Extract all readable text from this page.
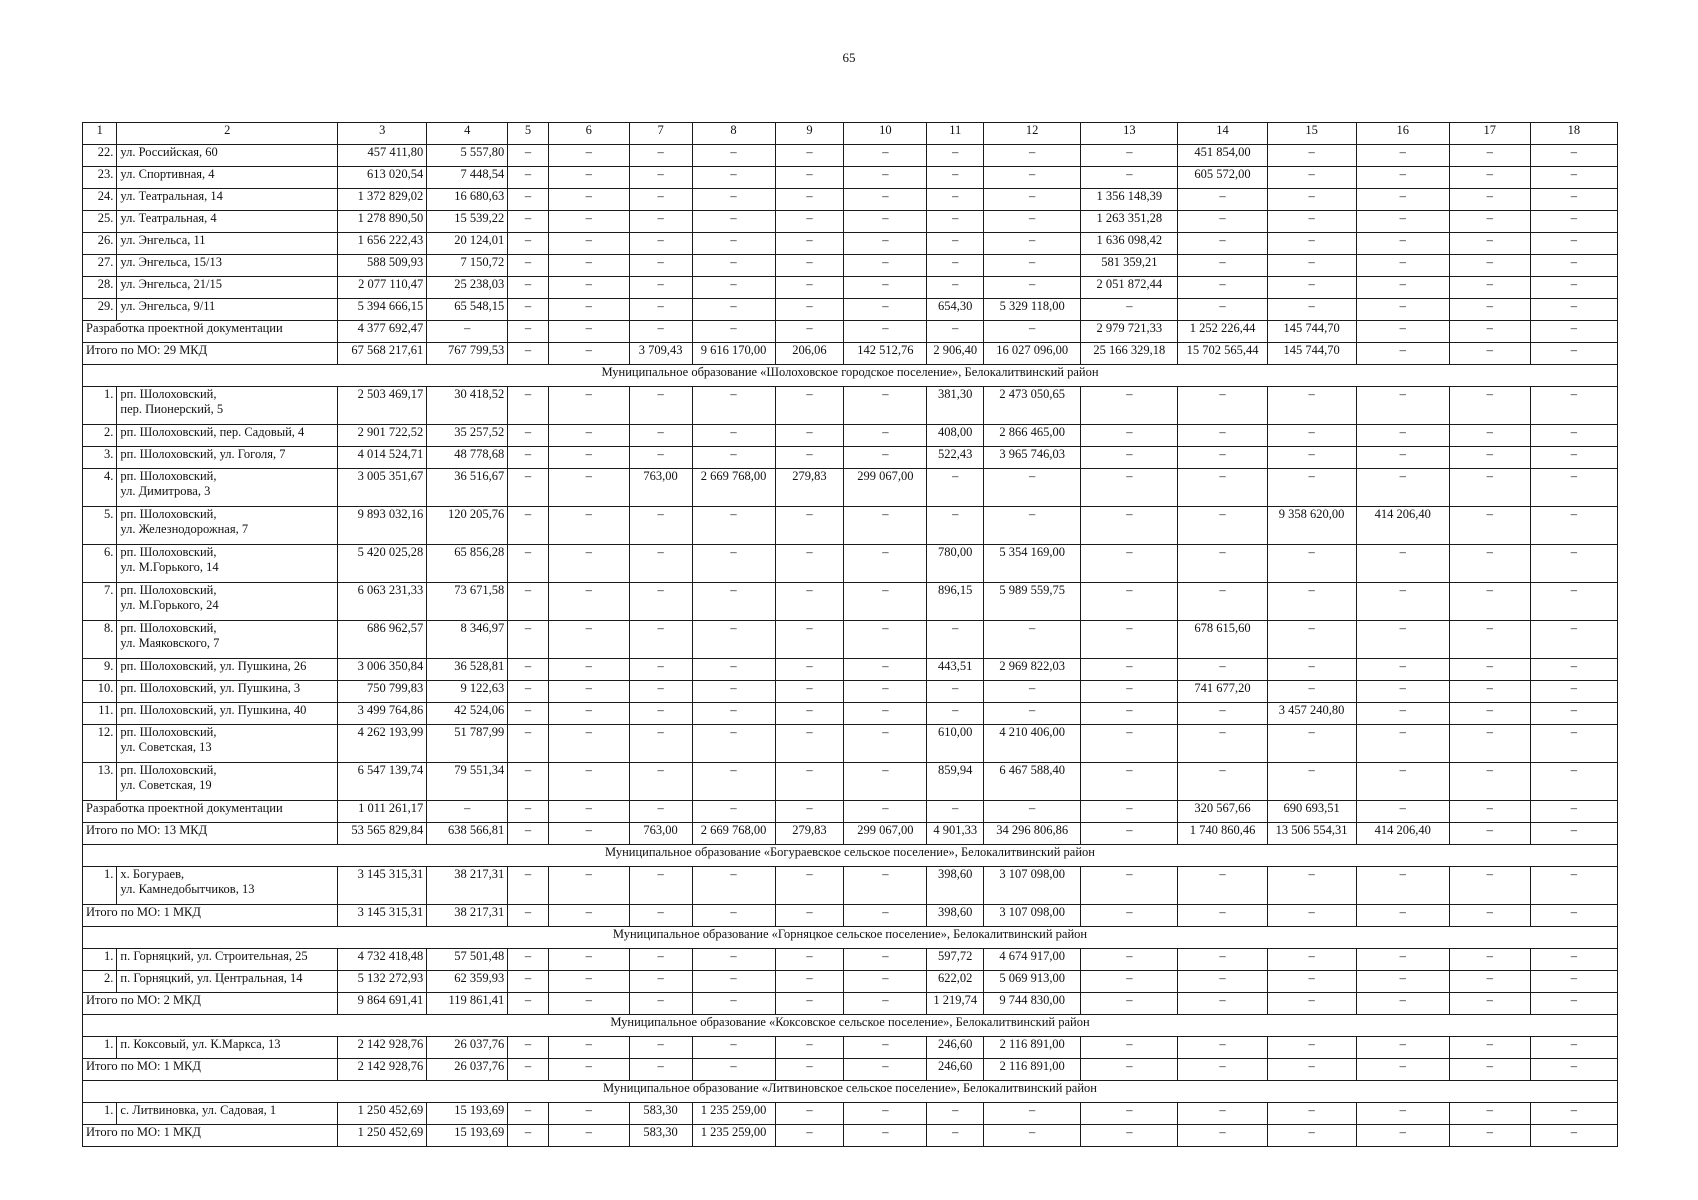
65
1	2	3	4	5	6	7	8	9	10	11	12	13	14	15	16	17	18
22.	ул. Российская, 60	457 411,80	5 557,80	–	–	–	–	–	–	–	–	–	451 854,00	–	–	–	–
23.	ул. Спортивная, 4	613 020,54	7 448,54	–	–	–	–	–	–	–	–	–	605 572,00	–	–	–	–
24.	ул. Театральная, 14	1 372 829,02	16 680,63	–	–	–	–	–	–	–	–	1 356 148,39	–	–	–	–	–
25.	ул. Театральная, 4	1 278 890,50	15 539,22	–	–	–	–	–	–	–	–	1 263 351,28	–	–	–	–	–
26.	ул. Энгельса, 11	1 656 222,43	20 124,01	–	–	–	–	–	–	–	–	1 636 098,42	–	–	–	–	–
27.	ул. Энгельса, 15/13	588 509,93	7 150,72	–	–	–	–	–	–	–	–	581 359,21	–	–	–	–	–
28.	ул. Энгельса, 21/15	2 077 110,47	25 238,03	–	–	–	–	–	–	–	–	2 051 872,44	–	–	–	–	–
29.	ул. Энгельса, 9/11	5 394 666,15	65 548,15	–	–	–	–	–	–	654,30	5 329 118,00	–	–	–	–	–	–
Разработка проектной документации		4 377 692,47	–	–	–	–	–	–	–	–	–	2 979 721,33	1 252 226,44	145 744,70	–	–	–
Итого по МО: 29 МКД		67 568 217,61	767 799,53	–	–	3 709,43	9 616 170,00	206,06	142 512,76	2 906,40	16 027 096,00	25 166 329,18	15 702 565,44	145 744,70	–	–	–
Муниципальное образование «Шолоховское городское поселение», Белокалитвинский район																	
1.	рп. Шолоховский,
пер. Пионерский, 5	2 503 469,17	30 418,52	–	–	–	–	–	–	381,30	2 473 050,65	–	–	–	–	–	–
2.	рп. Шолоховский, пер. Садовый, 4	2 901 722,52	35 257,52	–	–	–	–	–	–	408,00	2 866 465,00	–	–	–	–	–	–
3.	рп. Шолоховский, ул. Гоголя, 7	4 014 524,71	48 778,68	–	–	–	–	–	–	522,43	3 965 746,03	–	–	–	–	–	–
4.	рп. Шолоховский,
ул. Димитрова, 3	3 005 351,67	36 516,67	–	–	763,00	2 669 768,00	279,83	299 067,00	–	–	–	–	–	–	–	–
5.	рп. Шолоховский,
ул. Железнодорожная, 7	9 893 032,16	120 205,76	–	–	–	–	–	–	–	–	–	–	9 358 620,00	414 206,40	–	–
6.	рп. Шолоховский,
ул. М.Горького, 14	5 420 025,28	65 856,28	–	–	–	–	–	–	780,00	5 354 169,00	–	–	–	–	–	–
7.	рп. Шолоховский,
ул. М.Горького, 24	6 063 231,33	73 671,58	–	–	–	–	–	–	896,15	5 989 559,75	–	–	–	–	–	–
8.	рп. Шолоховский,
ул. Маяковского, 7	686 962,57	8 346,97	–	–	–	–	–	–	–	–	–	678 615,60	–	–	–	–
9.	рп. Шолоховский, ул. Пушкина, 26	3 006 350,84	36 528,81	–	–	–	–	–	–	443,51	2 969 822,03	–	–	–	–	–	–
10.	рп. Шолоховский, ул. Пушкина, 3	750 799,83	9 122,63	–	–	–	–	–	–	–	–	–	741 677,20	–	–	–	–
11.	рп. Шолоховский, ул. Пушкина, 40	3 499 764,86	42 524,06	–	–	–	–	–	–	–	–	–	–	3 457 240,80	–	–	–
12.	рп. Шолоховский,
ул. Советская, 13	4 262 193,99	51 787,99	–	–	–	–	–	–	610,00	4 210 406,00	–	–	–	–	–	–
13.	рп. Шолоховский,
ул. Советская, 19	6 547 139,74	79 551,34	–	–	–	–	–	–	859,94	6 467 588,40	–	–	–	–	–	–
Разработка проектной документации		1 011 261,17	–	–	–	–	–	–	–	–	–	–	320 567,66	690 693,51	–	–	–
Итого по МО: 13 МКД		53 565 829,84	638 566,81	–	–	763,00	2 669 768,00	279,83	299 067,00	4 901,33	34 296 806,86	–	1 740 860,46	13 506 554,31	414 206,40	–	–
Муниципальное образование «Богураевское сельское поселение», Белокалитвинский район																	
1.	х. Богураев,
ул. Камнедобытчиков, 13	3 145 315,31	38 217,31	–	–	–	–	–	–	398,60	3 107 098,00	–	–	–	–	–	–
Итого по МО: 1 МКД		3 145 315,31	38 217,31	–	–	–	–	–	–	398,60	3 107 098,00	–	–	–	–	–	–
Муниципальное образование «Горняцкое сельское поселение», Белокалитвинский район																	
1.	п. Горняцкий, ул. Строительная, 25	4 732 418,48	57 501,48	–	–	–	–	–	–	597,72	4 674 917,00	–	–	–	–	–	–
2.	п. Горняцкий, ул. Центральная, 14	5 132 272,93	62 359,93	–	–	–	–	–	–	622,02	5 069 913,00	–	–	–	–	–	–
Итого по МО: 2 МКД		9 864 691,41	119 861,41	–	–	–	–	–	–	1 219,74	9 744 830,00	–	–	–	–	–	–
Муниципальное образование «Коксовское сельское поселение», Белокалитвинский район																	
1.	п. Коксовый, ул. К.Маркса, 13	2 142 928,76	26 037,76	–	–	–	–	–	–	246,60	2 116 891,00	–	–	–	–	–	–
Итого по МО: 1 МКД		2 142 928,76	26 037,76	–	–	–	–	–	–	246,60	2 116 891,00	–	–	–	–	–	–
Муниципальное образование «Литвиновское сельское поселение», Белокалитвинский район																	
1.	с. Литвиновка, ул. Садовая, 1	1 250 452,69	15 193,69	–	–	583,30	1 235 259,00	–	–	–	–	–	–	–	–	–	–
Итого по МО: 1 МКД		1 250 452,69	15 193,69	–	–	583,30	1 235 259,00	–	–	–	–	–	–	–	–	–	–
